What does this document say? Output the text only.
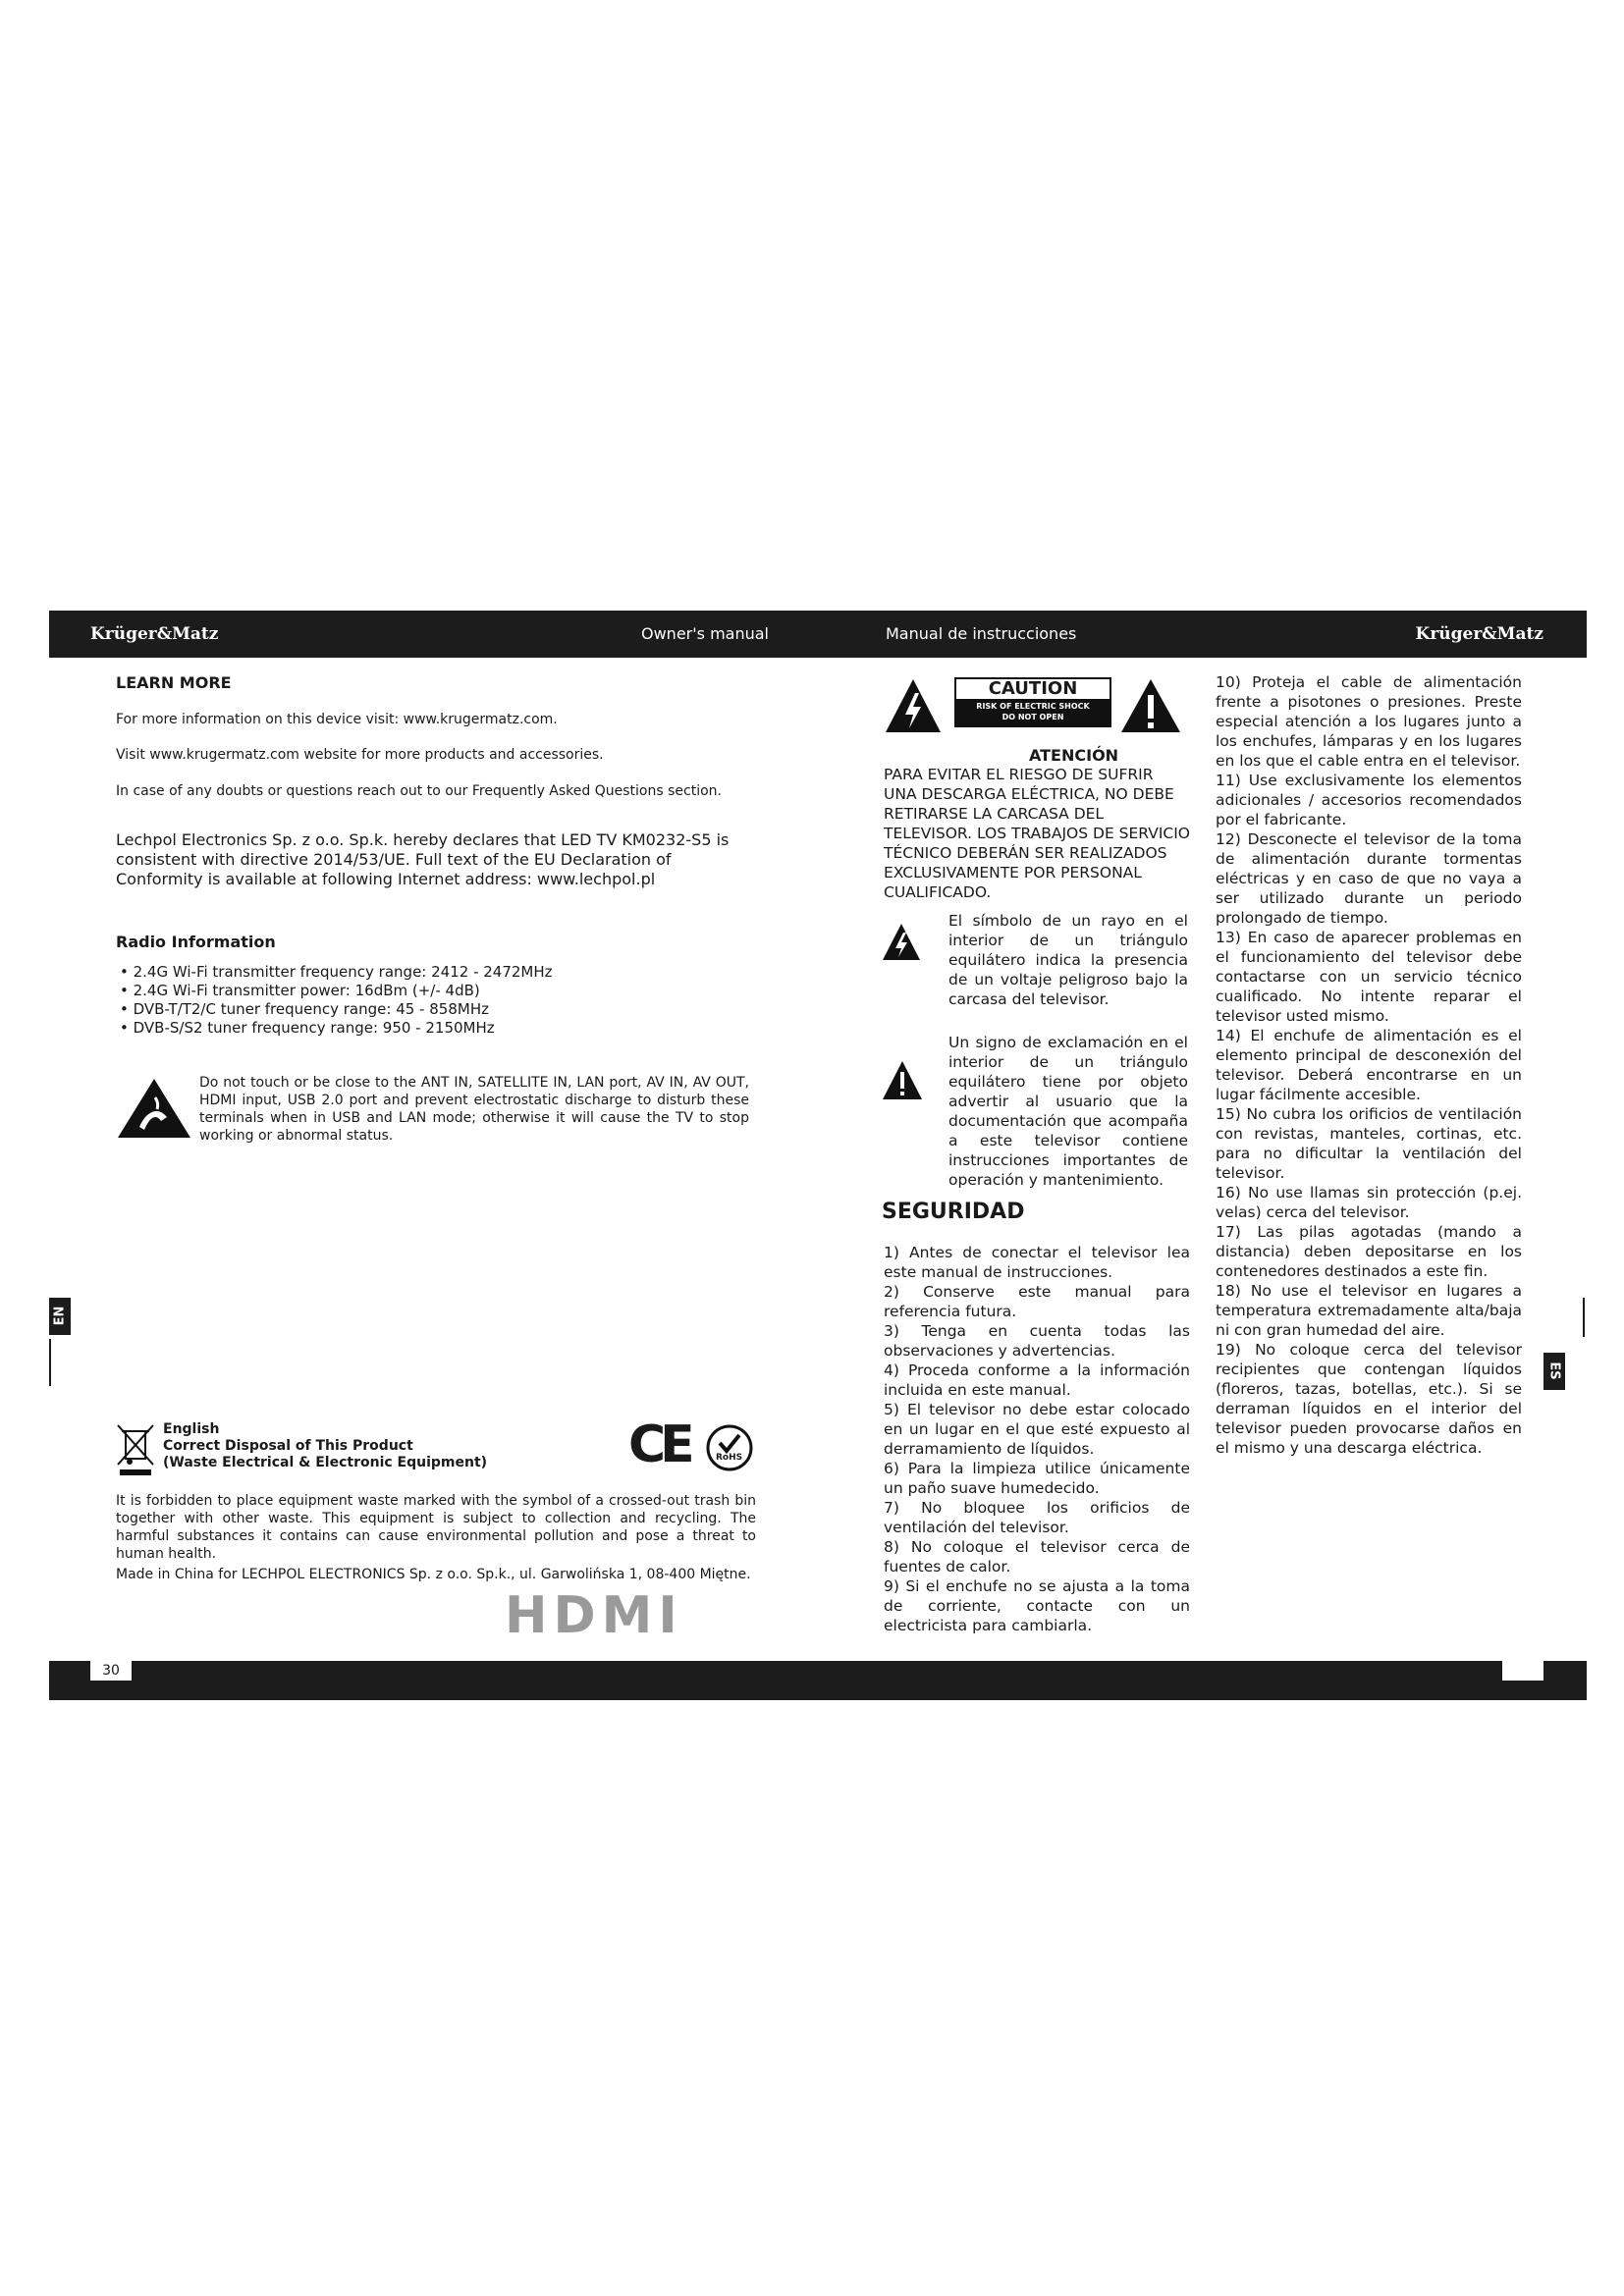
Krüger&Matz	Owner's manual	Manual de instrucciones	Krüger&Matz
LEARN MORE
For more information on this device visit: www.krugermatz.com.
Visit www.krugermatz.com website for more products and accessories.
In case of any doubts or questions reach out to our Frequently Asked Questions section.
Lechpol Electronics Sp. z o.o. Sp.k. hereby declares that LED TV KM0232-S5 is consistent with directive 2014/53/UE. Full text of the EU Declaration of Conformity is available at following Internet address: www.lechpol.pl
Radio Information
• 2.4G Wi-Fi transmitter frequency range: 2412 - 2472MHz
• 2.4G Wi-Fi transmitter power: 16dBm (+/- 4dB)
• DVB-T/T2/C tuner frequency range: 45 - 858MHz
• DVB-S/S2 tuner frequency range: 950 - 2150MHz
Do not touch or be close to the ANT IN, SATELLITE IN, LAN port, AV IN, AV OUT, HDMI input, USB 2.0 port and prevent electrostatic discharge to disturb these terminals when in USB and LAN mode; otherwise it will cause the TV to stop working or abnormal status.
EN
English
Correct Disposal of This Product
(Waste Electrical & Electronic Equipment)	CE	RoHS
It is forbidden to place equipment waste marked with the symbol of a crossed-out trash bin together with other waste. This equipment is subject to collection and recycling. The harmful substances it contains can cause environmental pollution and pose a threat to human health.
Made in China for LECHPOL ELECTRONICS Sp. z o.o. Sp.k., ul. Garwolińska 1, 08-400 Miętne.
HDMI
CAUTION
RISK OF ELECTRIC SHOCK
DO NOT OPEN
ATENCIÓN
PARA EVITAR EL RIESGO DE SUFRIR UNA DESCARGA ELÉCTRICA, NO DEBE RETIRARSE LA CARCASA DEL TELEVISOR. LOS TRABAJOS DE SERVICIO TÉCNICO DEBERÁN SER REALIZADOS EXCLUSIVAMENTE POR PERSONAL CUALIFICADO.
El símbolo de un rayo en el interior de un triángulo equilátero indica la presencia de un voltaje peligroso bajo la carcasa del televisor.
Un signo de exclamación en el interior de un triángulo equilátero tiene por objeto advertir al usuario que la documentación que acompaña a este televisor contiene instrucciones importantes de operación y mantenimiento.
SEGURIDAD

1) Antes de conectar el televisor lea este manual de instrucciones.

2) Conserve este manual para referencia futura.

3) Tenga en cuenta todas las observaciones y advertencias.

4) Proceda conforme a la información incluida en este manual.

5) El televisor no debe estar colocado en un lugar en el que esté expuesto al derramamiento de líquidos.

6) Para la limpieza utilice únicamente un paño suave humedecido.

7) No bloquee los orificios de ventilación del televisor.

8) No coloque el televisor cerca de fuentes de calor.

9) Si el enchufe no se ajusta a la toma de corriente, contacte con un electricista para cambiarla.

10) Proteja el cable de alimentación frente a pisotones o presiones. Preste especial atención a los lugares junto a los enchufes, lámparas y en los lugares en los que el cable entra en el televisor.

11) Use exclusivamente los elementos adicionales / accesorios recomendados por el fabricante.

12) Desconecte el televisor de la toma de alimentación durante tormentas eléctricas y en caso de que no vaya a ser utilizado durante un periodo prolongado de tiempo.

13) En caso de aparecer problemas en el funcionamiento del televisor debe contactarse con un servicio técnico cualificado. No intente reparar el televisor usted mismo.

14) El enchufe de alimentación es el elemento principal de desconexión del televisor. Deberá encontrarse en un lugar fácilmente accesible.

15) No cubra los orificios de ventilación con revistas, manteles, cortinas, etc. para no dificultar la ventilación del televisor.

16) No use llamas sin protección (p.ej. velas) cerca del televisor.

17) Las pilas agotadas (mando a distancia) deben depositarse en los contenedores destinados a este fin.

18) No use el televisor en lugares a temperatura extremadamente alta/baja ni con gran humedad del aire.

19) No coloque cerca del televisor recipientes que contengan líquidos (floreros, tazas, botellas, etc.). Si se derraman líquidos en el interior del televisor pueden provocarse daños en el mismo y una descarga eléctrica.

ES
30
